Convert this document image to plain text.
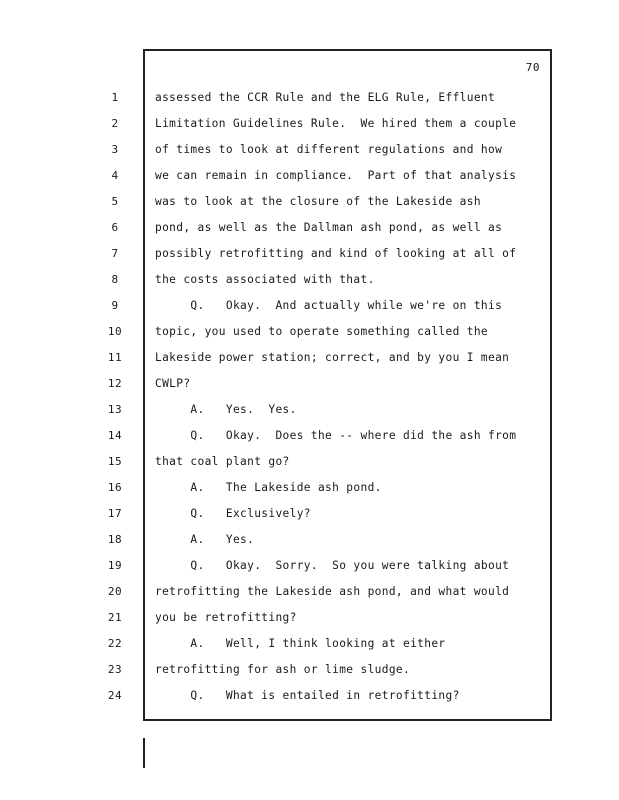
70
1	assessed the CCR Rule and the ELG Rule, Effluent
2	Limitation Guidelines Rule.  We hired them a couple
3	of times to look at different regulations and how
4	we can remain in compliance.  Part of that analysis
5	was to look at the closure of the Lakeside ash
6	pond, as well as the Dallman ash pond, as well as
7	possibly retrofitting and kind of looking at all of
8	the costs associated with that.
9	Q.   Okay.  And actually while we're on this
10	topic, you used to operate something called the
11	Lakeside power station; correct, and by you I mean
12	CWLP?
13	A.   Yes.  Yes.
14	Q.   Okay.  Does the -- where did the ash from
15	that coal plant go?
16	A.   The Lakeside ash pond.
17	Q.   Exclusively?
18	A.   Yes.
19	Q.   Okay.  Sorry.  So you were talking about
20	retrofitting the Lakeside ash pond, and what would
21	you be retrofitting?
22	A.   Well, I think looking at either
23	retrofitting for ash or lime sludge.
24	Q.   What is entailed in retrofitting?
